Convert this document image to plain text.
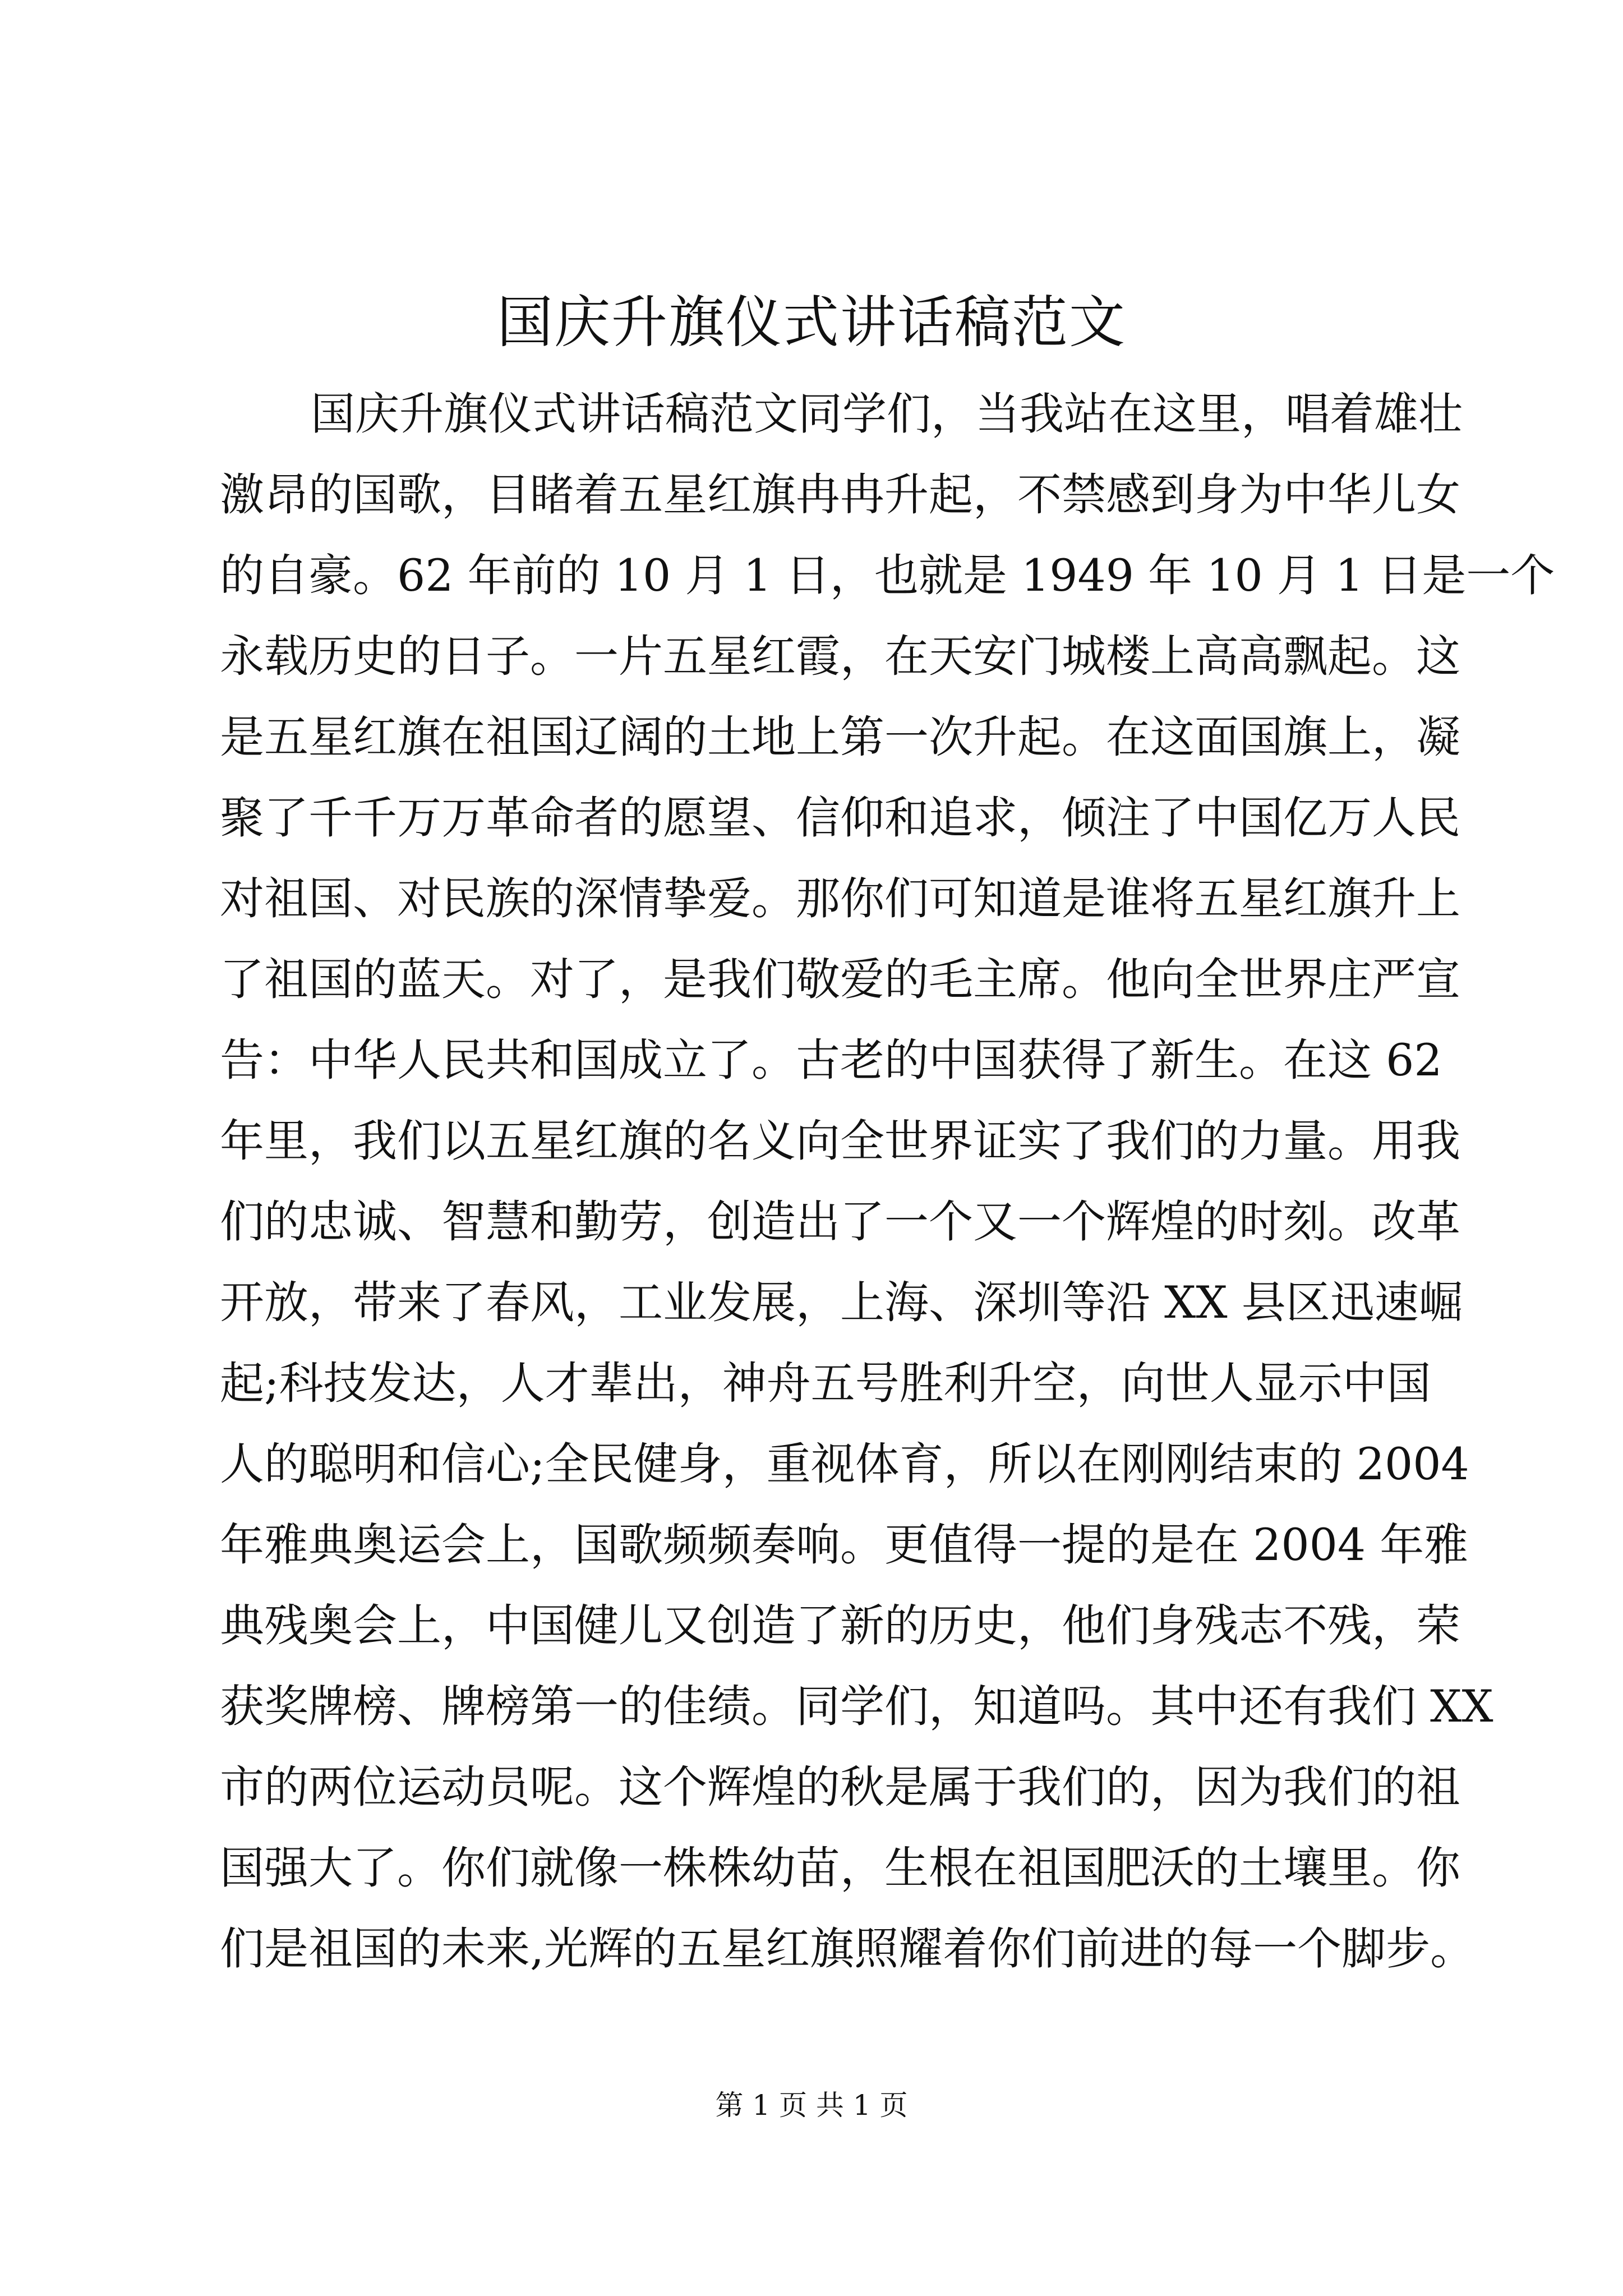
国庆升旗仪式讲话稿范文
国庆升旗仪式讲话稿范文同学们，当我站在这里，唱着雄壮
激昂的国歌，目睹着五星红旗冉冉升起，不禁感到身为中华儿女
的自豪。62 年前的 10 月 1 日，也就是 1949 年 10 月 1 日是一个
永载历史的日子。一片五星红霞，在天安门城楼上高高飘起。这
是五星红旗在祖国辽阔的土地上第一次升起。在这面国旗上，凝
聚了千千万万革命者的愿望、信仰和追求，倾注了中国亿万人民
对祖国、对民族的深情挚爱。那你们可知道是谁将五星红旗升上
了祖国的蓝天。对了，是我们敬爱的毛主席。他向全世界庄严宣
告：中华人民共和国成立了。古老的中国获得了新生。在这 62
年里，我们以五星红旗的名义向全世界证实了我们的力量。用我
们的忠诚、智慧和勤劳，创造出了一个又一个辉煌的时刻。改革
开放，带来了春风，工业发展，上海、深圳等沿 XX 县区迅速崛
起;科技发达，人才辈出，神舟五号胜利升空，向世人显示中国
人的聪明和信心;全民健身，重视体育，所以在刚刚结束的 2004
年雅典奥运会上，国歌频频奏响。更值得一提的是在 2004 年雅
典残奥会上，中国健儿又创造了新的历史，他们身残志不残，荣
获奖牌榜、牌榜第一的佳绩。同学们，知道吗。其中还有我们 XX
市的两位运动员呢。这个辉煌的秋是属于我们的，因为我们的祖
国强大了。你们就像一株株幼苗，生根在祖国肥沃的土壤里。你
们是祖国的未来,光辉的五星红旗照耀着你们前进的每一个脚步。
第 1 页 共 1 页
